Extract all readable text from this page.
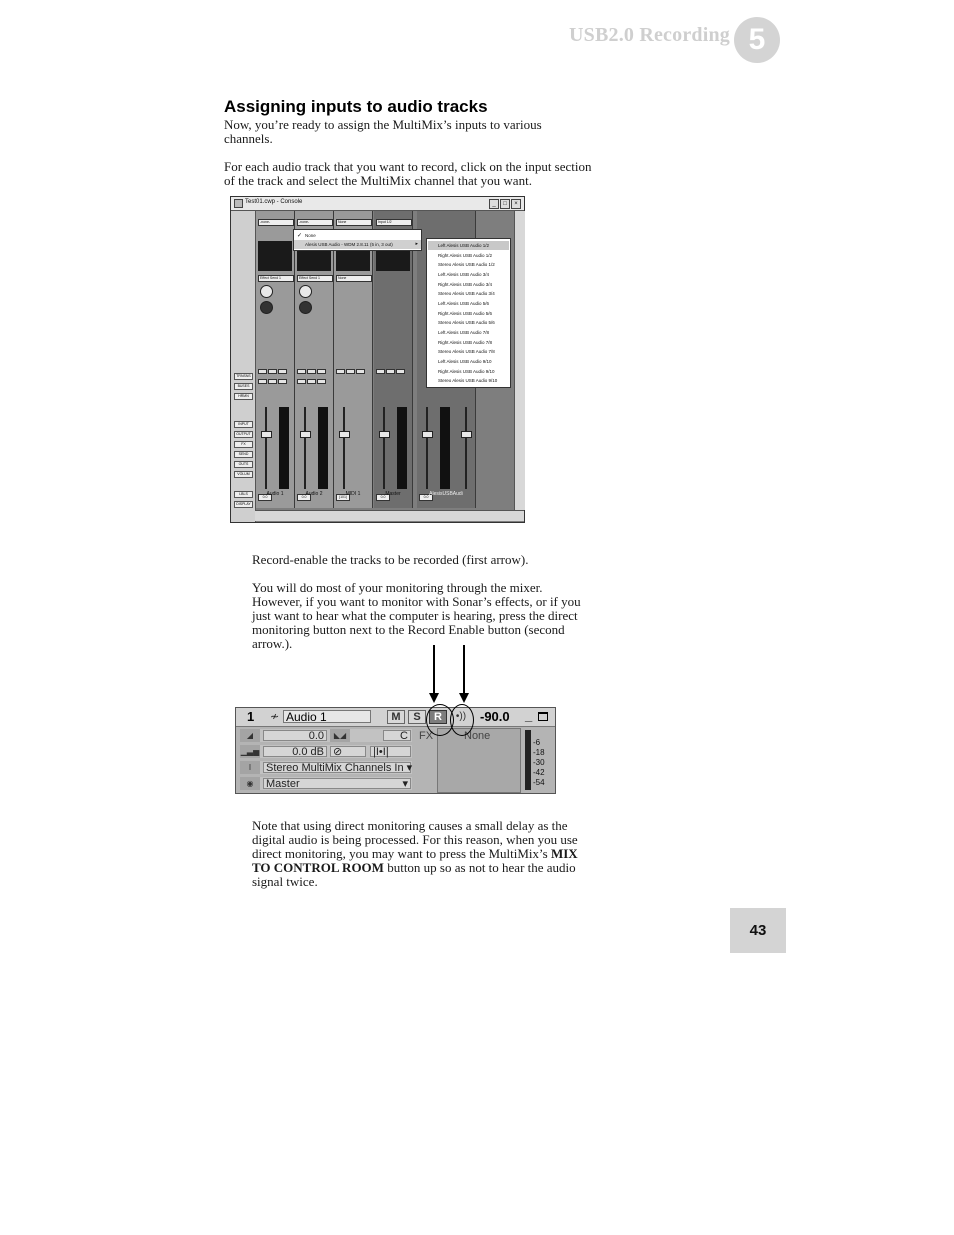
USB2.0 Recording 5
Assigning inputs to audio tracks
Now, you’re ready to assign the MultiMix’s inputs to various channels.
For each audio track that you want to record, click on the input section of the track and select the MultiMix channel that you want.
Test01.cwp - Console	_	□	×
TRNSNS
BUSES
HRMN
INPUT
OUTPUT
FX
SEND
OUTS
VOLUM
LBLS
DISPLAY
-none-
Effect Send 1
0.0 Audio 1
-none-
Effect Send 1
0.0 Audio 2
None
None
(101)
MIDI 1
Input 1/2
0.0 Master	0.0 AlesisUSBAudi
✓ None
Alesis USB Audio - WDM 2.8.11 (5 in, 3 out)	▸	Left Alesis USB Audio 1/2
Right Alesis USB Audio 1/2
Stereo Alesis USB Audio 1/2
Left Alesis USB Audio 3/4
Right Alesis USB Audio 3/4
Stereo Alesis USB Audio 3/4
Left Alesis USB Audio 5/6
Right Alesis USB Audio 5/6
Stereo Alesis USB Audio 5/6
Left Alesis USB Audio 7/8
Right Alesis USB Audio 7/8
Stereo Alesis USB Audio 7/8
Left Alesis USB Audio 9/10
Right Alesis USB Audio 9/10
Stereo Alesis USB Audio 9/10
Record-enable the tracks to be recorded (first arrow).
You will do most of your monitoring through the mixer. However, if you want to monitor with Sonar’s effects, or if you just want to hear what the computer is hearing, press the direct monitoring button next to the Record Enable button (second arrow.).
1 ≁ Audio 1	M	S	R	•)) -90.0 _
◢	0.0	◣◢	C
▁▃▅	0.0 dB ⊘	|I•I|
I	Stereo MultiMix Channels In ▾
◉	Master	▾
FX	None
-6
-18
-30
-42
-54
Note that using direct monitoring causes a small delay as the digital audio is being processed. For this reason, when you use direct monitoring, you may want to press the MultiMix’s MIX TO CONTROL ROOM button up so as not to hear the audio signal twice.
43
